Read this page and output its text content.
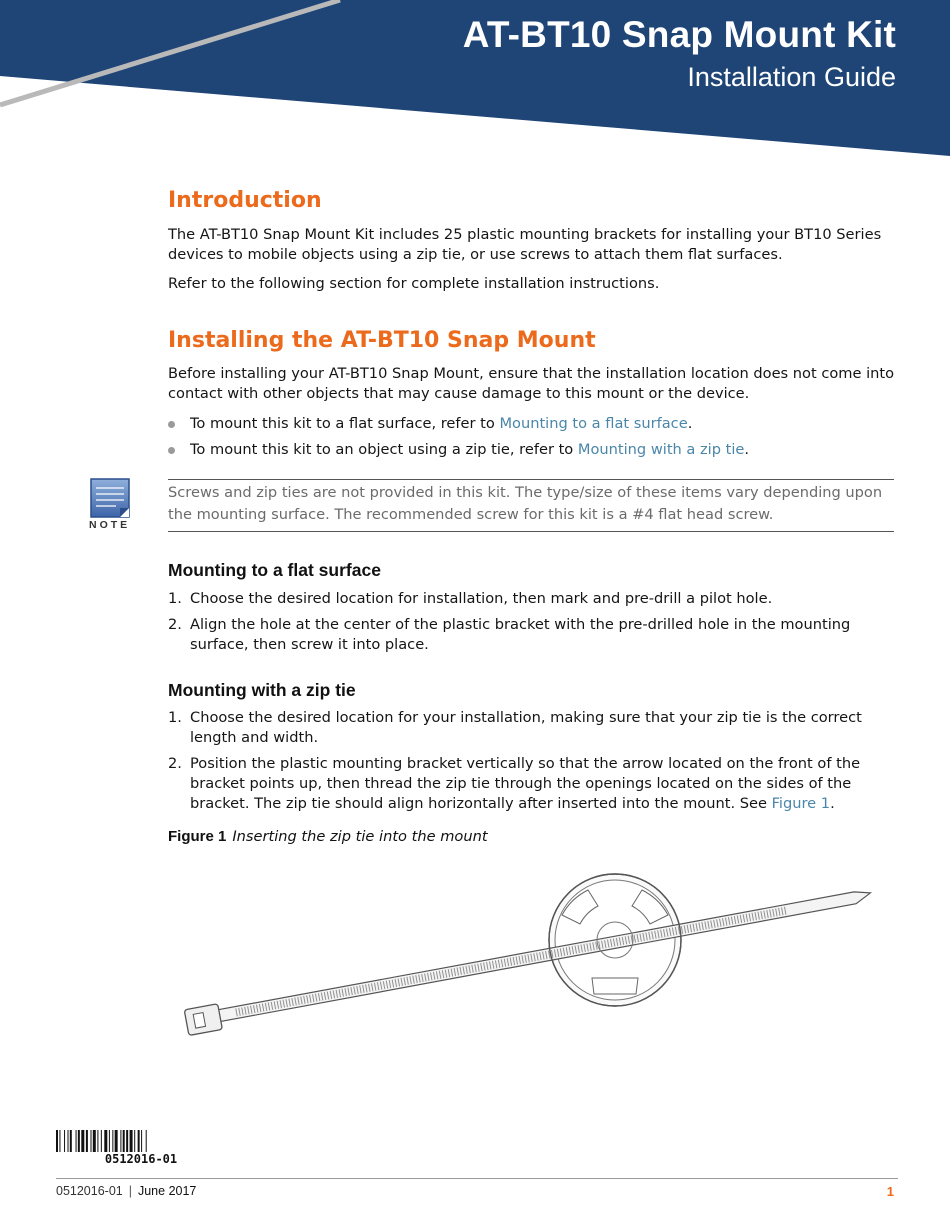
AT-BT10 Snap Mount Kit
Installation Guide
Introduction

The AT-BT10 Snap Mount Kit includes 25 plastic mounting brackets for installing your BT10 Series devices to mobile objects using a zip tie, or use screws to attach them flat surfaces.

Refer to the following section for complete installation instructions.

Installing the AT-BT10 Snap Mount

Before installing your AT-BT10 Snap Mount, ensure that the installation location does not come into contact with other objects that may cause damage to this mount or the device.

To mount this kit to a flat surface, refer to Mounting to a flat surface.
To mount this kit to an object using a zip tie, refer to Mounting with a zip tie.
NOTE

Screws and zip ties are not provided in this kit. The type/size of these items vary depending upon the mounting surface. The recommended screw for this kit is a #4 flat head screw.

Mounting to a flat surface
1. Choose the desired location for installation, then mark and pre-drill a pilot hole.
2. Align the hole at the center of the plastic bracket with the pre-drilled hole in the mounting surface, then screw it into place.
Mounting with a zip tie
1. Choose the desired location for your installation, making sure that your zip tie is the correct length and width.
2. Position the plastic mounting bracket vertically so that the arrow located on the front of the bracket points up, then thread the zip tie through the openings located on the sides of the bracket. The zip tie should align horizontally after inserted into the mount. See Figure 1.
Figure 1 Inserting the zip tie into the mount
0512016-01
0512016-01 | June 2017	1
